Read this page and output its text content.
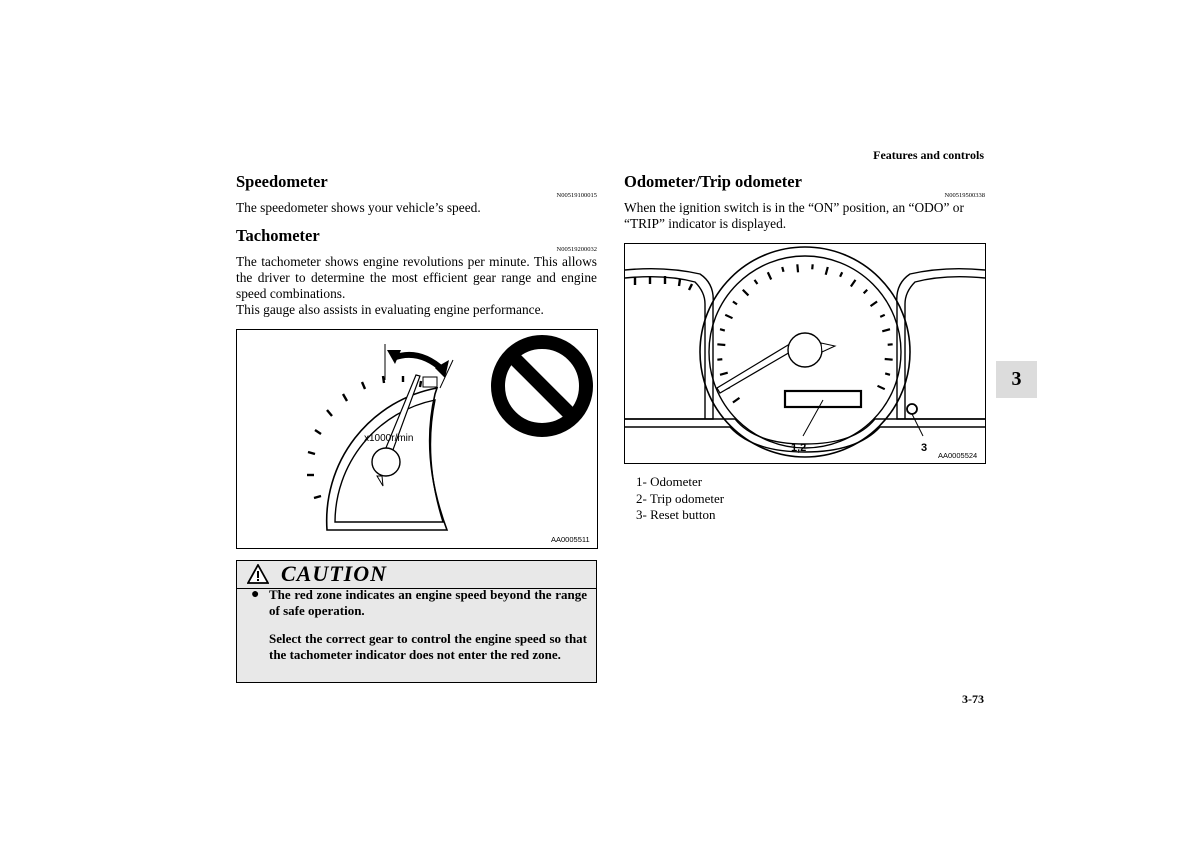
Features and controls
3
3-73
Speedometer
N00519100015

The speedometer shows your vehicle’s speed.

Tachometer
N00519200032

The tachometer shows engine revolutions per minute. This allows the driver to determine the most efficient gear range and engine speed combinations.

This gauge also assists in evaluating engine performance.

x1000r/min
AA0005511
CAUTION
● The red zone indicates an engine speed beyond the range of safe operation.
Select the correct gear to control the engine speed so that the tachometer indicator does not enter the red zone.
Odometer/Trip odometer
N00519500338

When the ignition switch is in the “ON” position, an “ODO” or “TRIP” indicator is displayed.

1,2	3
AA0005524
1- Odometer
2- Trip odometer
3- Reset button
